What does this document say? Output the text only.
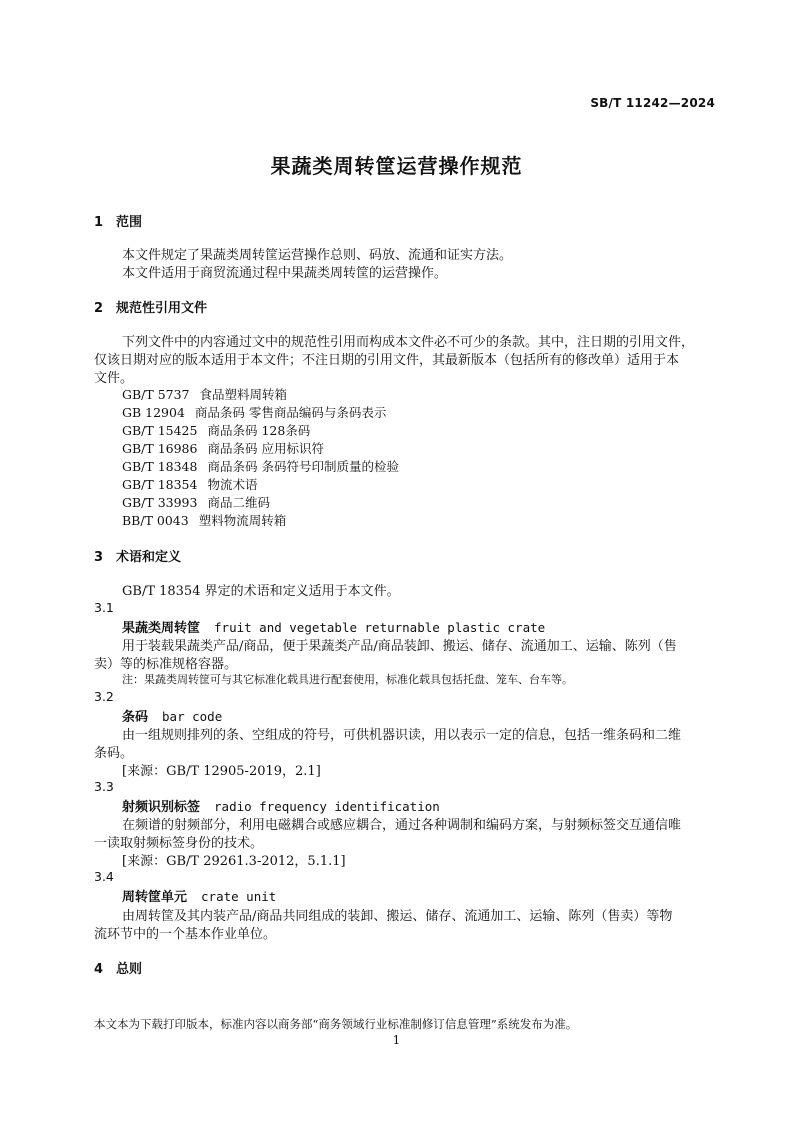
SB/T 11242—2024
果蔬类周转筐运营操作规范
1 范围
本文件规定了果蔬类周转筐运营操作总则、码放、流通和证实方法。
本文件适用于商贸流通过程中果蔬类周转筐的运营操作。
2 规范性引用文件
下列文件中的内容通过文中的规范性引用而构成本文件必不可少的条款。其中，注日期的引用文件，
仅该日期对应的版本适用于本文件；不注日期的引用文件，其最新版本（包括所有的修改单）适用于本
文件。
GB/T 5737 食品塑料周转箱
GB 12904 商品条码 零售商品编码与条码表示
GB/T 15425 商品条码 128条码
GB/T 16986 商品条码 应用标识符
GB/T 18348 商品条码 条码符号印制质量的检验
GB/T 18354 物流术语
GB/T 33993 商品二维码
BB/T 0043 塑料物流周转箱
3 术语和定义
GB/T 18354 界定的术语和定义适用于本文件。
3.1
果蔬类周转筐 fruit and vegetable returnable plastic crate
用于装载果蔬类产品/商品，便于果蔬类产品/商品装卸、搬运、储存、流通加工、运输、陈列（售
卖）等的标准规格容器。
注：果蔬类周转筐可与其它标准化载具进行配套使用，标准化载具包括托盘、笼车、台车等。
3.2
条码 bar code
由一组规则排列的条、空组成的符号，可供机器识读，用以表示一定的信息，包括一维条码和二维
条码。
[来源：GB/T 12905-2019，2.1]
3.3
射频识别标签 radio frequency identification
在频谱的射频部分，利用电磁耦合或感应耦合，通过各种调制和编码方案，与射频标签交互通信唯
一读取射频标签身份的技术。
[来源：GB/T 29261.3-2012，5.1.1]
3.4
周转筐单元 crate unit
由周转筐及其内装产品/商品共同组成的装卸、搬运、储存、流通加工、运输、陈列（售卖）等物
流环节中的一个基本作业单位。
4 总则
本文本为下载打印版本，标准内容以商务部“商务领域行业标准制修订信息管理”系统发布为准。
1
